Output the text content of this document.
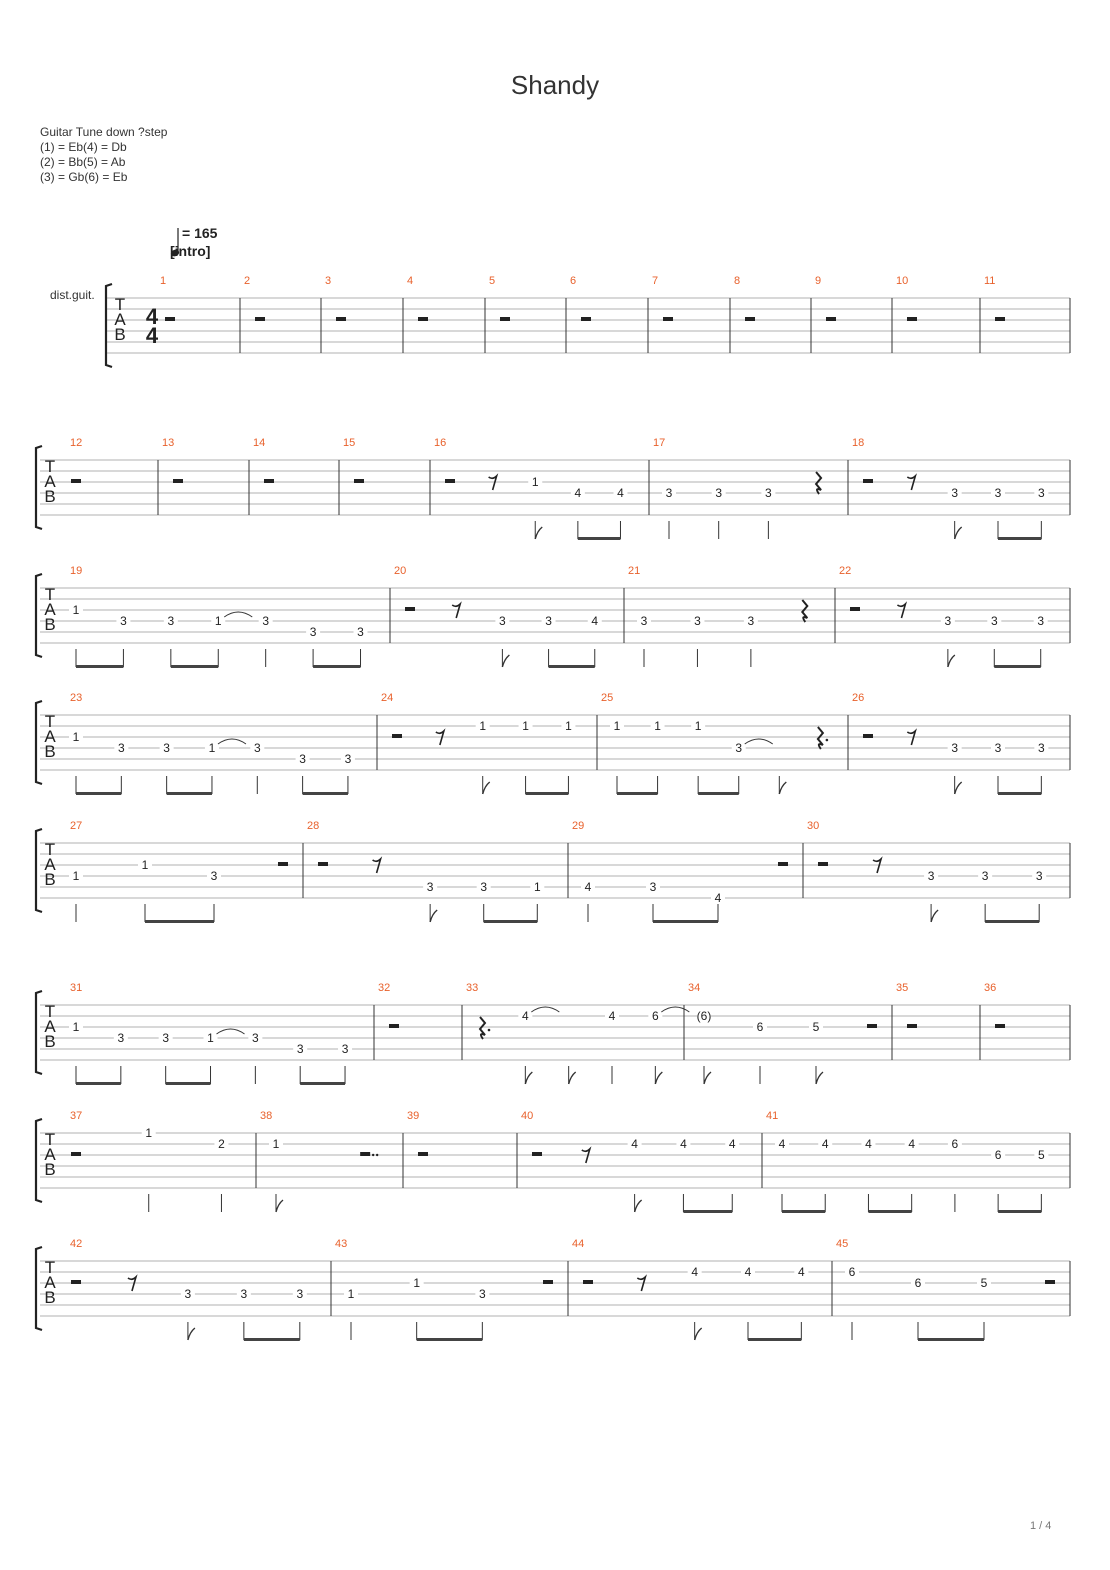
Shandy
Guitar Tune down ?step
(1) = Eb(4) = Db
(2) = Bb(5) = Ab
(3) = Gb(6) = Eb
= 165
[intro]
dist.guit. T
A
B
4
4
1	2	3	4	5	6	7	8	9	10	11
T
A
B
12	13	14	15	16
1
4	4
17
3	3	3
18
3	3	3
T
A
B
19
1
3	3	1	3
3	3
20
3	3	4
21
3	3	3
22
3	3	3
T
A
B
23
1
3	3	1	3
3	3
24
1	1	1
25
1	1	1
3
26
3	3	3
T
A
B
27
1
1
3
28
3	3	1
29
4	3
4
30
3	3	3
T
A
B
31
1
3	3	1	3
3	3
32	33
4	4	6
34
(6)
6	5
35	36
T
A
B
37
1
2
38
1
39	40
4	4	4
41
4	4	4	4	6
6	5
T
A
B
42
3	3	3
43
1
1
3
44
4	4	4
45
6
6	5
1 / 4
